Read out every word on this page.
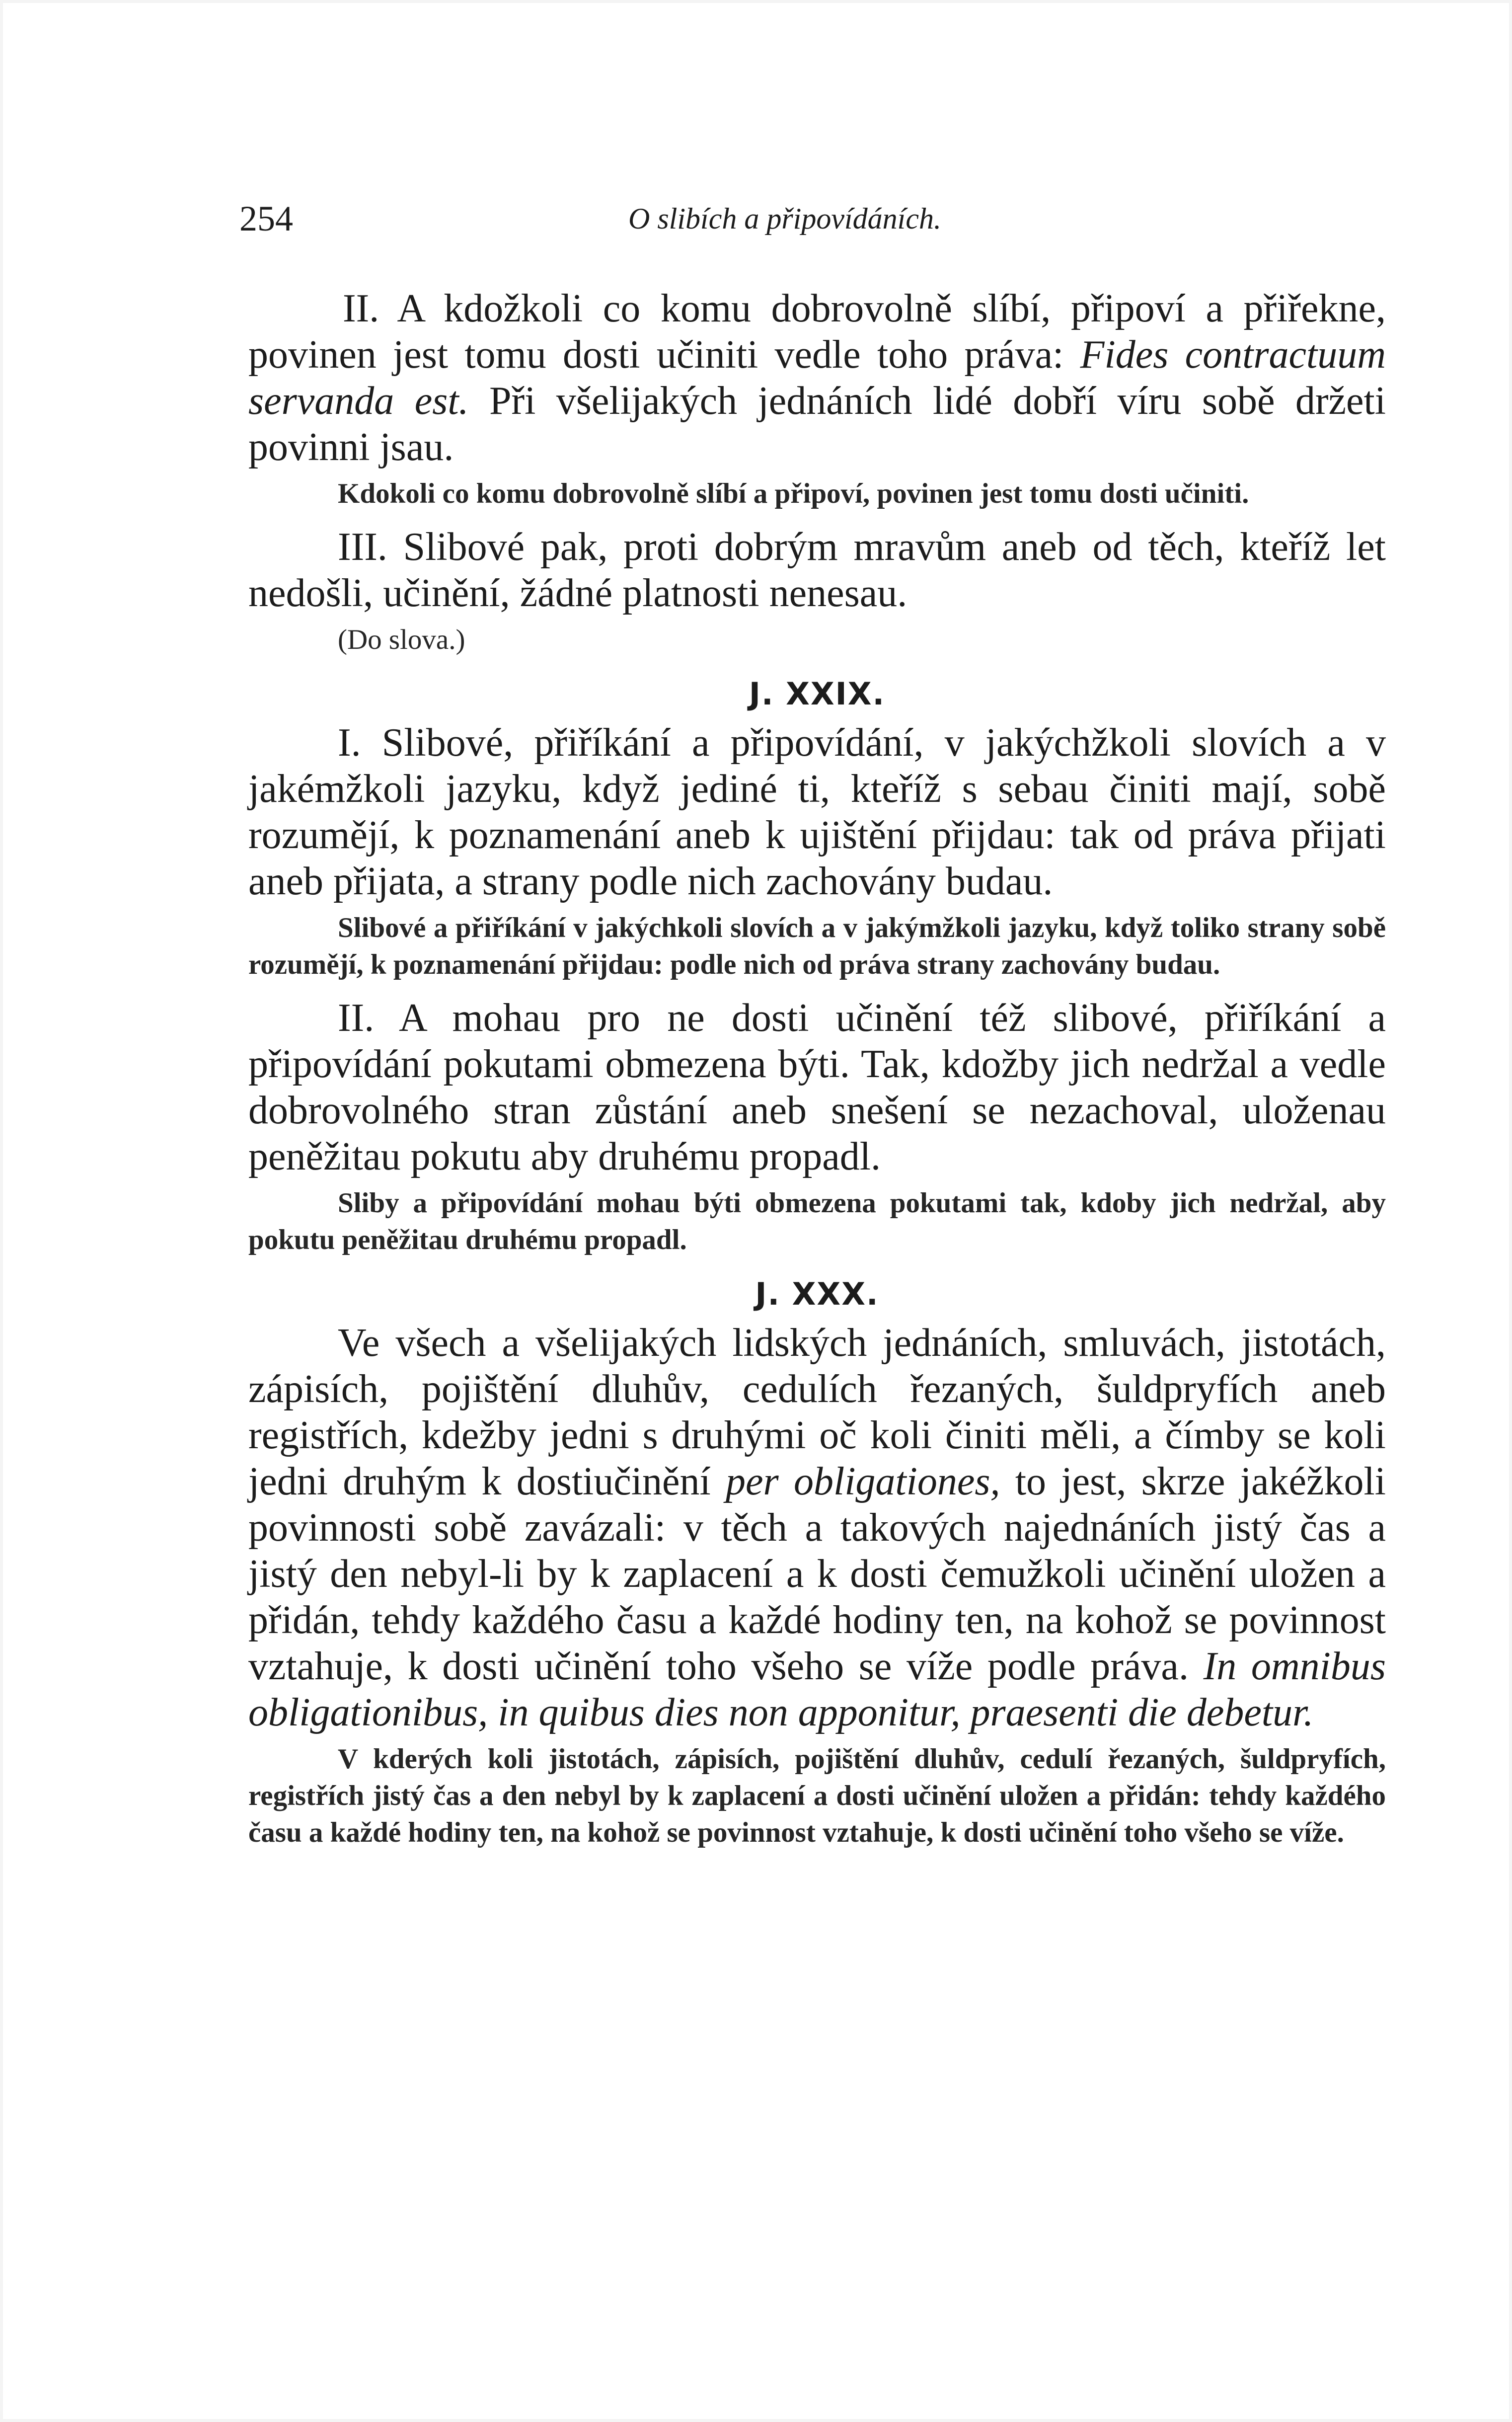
254	O slibích a připovídáních.

II. A kdožkoli co komu dobrovolně slíbí, připoví a přiřekne, povinen jest tomu dosti učiniti vedle toho práva: Fides contractuum servanda est. Při všelijakých jednáních lidé dobří víru sobě držeti povinni jsau.

Kdokoli co komu dobrovolně slíbí a připoví, povinen jest tomu dosti učiniti.

III. Slibové pak, proti dobrým mravům aneb od těch, kteříž let nedošli, učinění, žádné platnosti nenesau.

(Do slova.)

J. XXIX.

I. Slibové, přiříkání a připovídání, v jakýchžkoli slovích a v jakémžkoli jazyku, když jediné ti, kteříž s sebau činiti mají, sobě rozumějí, k poznamenání aneb k ujištění přijdau: tak od práva přijati aneb přijata, a strany podle nich zachovány budau.

Slibové a přiříkání v jakýchkoli slovích a v jakýmžkoli jazyku, když toliko strany sobě rozumějí, k poznamenání přijdau: podle nich od práva strany zachovány budau.

II. A mohau pro ne dosti učinění též slibové, přiříkání a připovídání pokutami obmezena býti. Tak, kdožby jich nedržal a vedle dobrovolného stran zůstání aneb snešení se nezachoval, uloženau peněžitau pokutu aby druhému propadl.

Sliby a připovídání mohau býti obmezena pokutami tak, kdoby jich nedržal, aby pokutu peněžitau druhému propadl.

J. XXX.

Ve všech a všelijakých lidských jednáních, smluvách, jistotách, zápisích, pojištění dluhův, cedulích řezaných, šuldpryfích aneb registřích, kdežby jedni s druhými oč koli činiti měli, a čímby se koli jedni druhým k dostiučinění per obligationes, to jest, skrze jakéžkoli povinnosti sobě zavázali: v těch a takových najednáních jistý čas a jistý den nebyl-li by k zaplacení a k dosti čemužkoli učinění uložen a přidán, tehdy každého času a každé hodiny ten, na kohož se povinnost vztahuje, k dosti učinění toho všeho se víže podle práva. In omnibus obligationibus, in quibus dies non apponitur, praesenti die debetur.

V kderých koli jistotách, zápisích, pojištění dluhův, cedulí řezaných, šuldpryfích, registřích jistý čas a den nebyl by k zaplacení a dosti učinění uložen a přidán: tehdy každého času a každé hodiny ten, na kohož se povinnost vztahuje, k dosti učinění toho všeho se víže.
